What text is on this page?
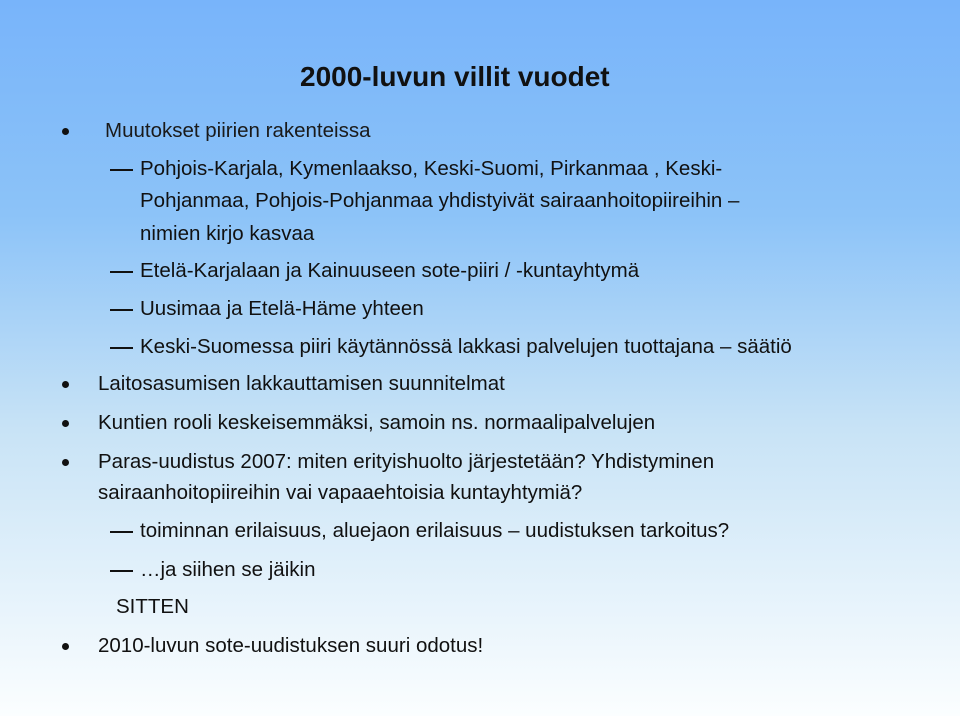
2000-luvun villit vuodet
Muutokset piirien rakenteissa
Pohjois-Karjala, Kymenlaakso, Keski-Suomi, Pirkanmaa , Keski-
Pohjanmaa, Pohjois-Pohjanmaa yhdistyivät sairaanhoitopiireihin –
nimien kirjo kasvaa
Etelä-Karjalaan ja Kainuuseen sote-piiri / -kuntayhtymä
Uusimaa ja Etelä-Häme yhteen
Keski-Suomessa piiri käytännössä lakkasi palvelujen tuottajana – säätiö
Laitosasumisen lakkauttamisen suunnitelmat
Kuntien rooli keskeisemmäksi, samoin ns. normaalipalvelujen
Paras-uudistus 2007: miten erityishuolto järjestetään? Yhdistyminen
sairaanhoitopiireihin vai vapaaehtoisia kuntayhtymiä?
toiminnan erilaisuus, aluejaon erilaisuus – uudistuksen tarkoitus?
…ja siihen se jäikin
SITTEN
2010-luvun sote-uudistuksen suuri odotus!
